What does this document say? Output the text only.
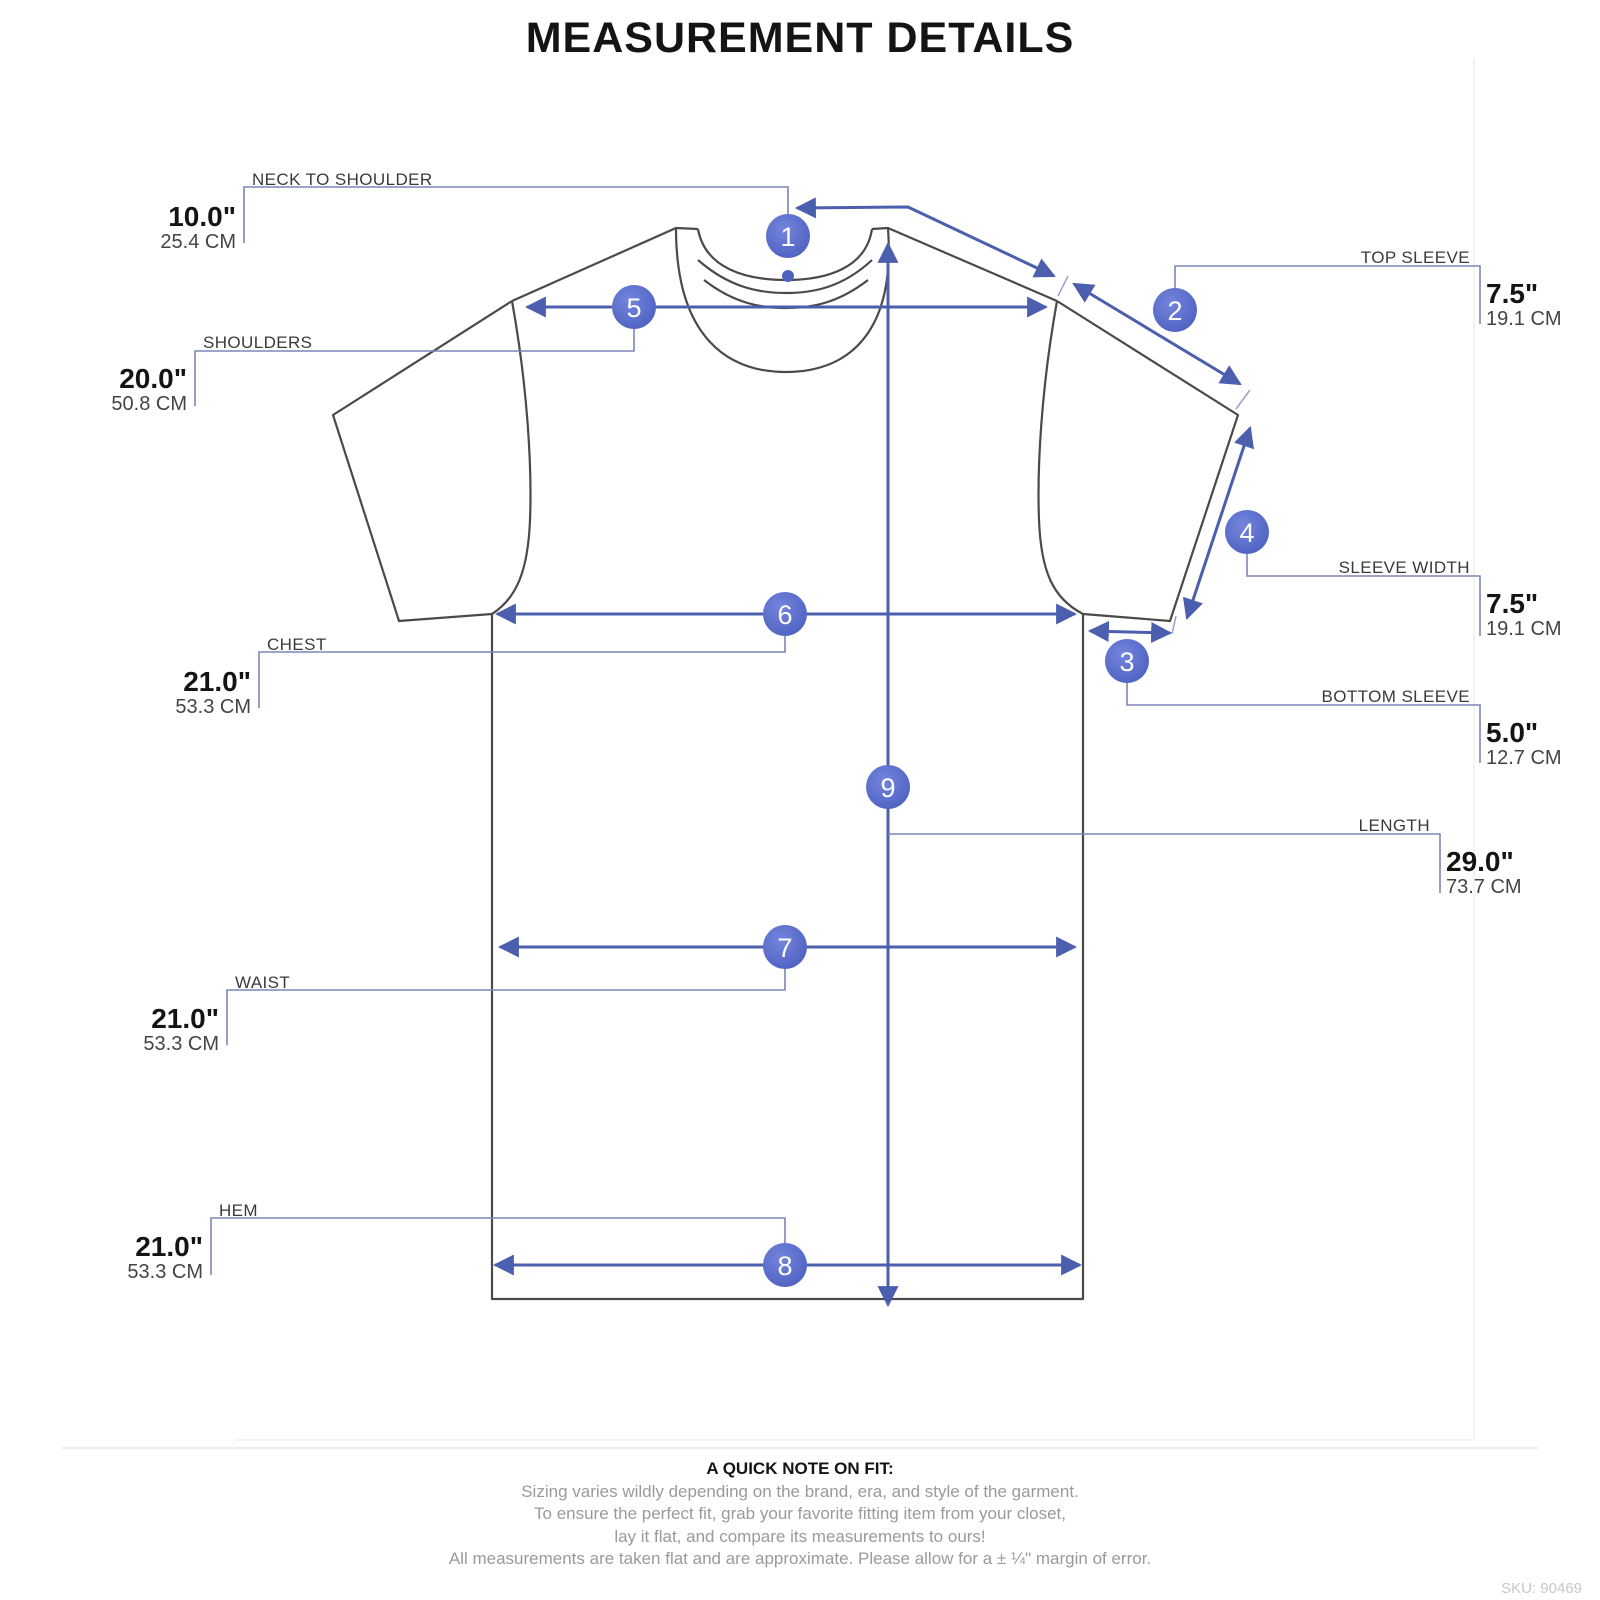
MEASUREMENT DETAILS
1
2
3
4
5
6
7
8
9
NECK TO SHOULDER
10.0"
25.4 CM
SHOULDERS
20.0"
50.8 CM
CHEST
21.0"
53.3 CM
WAIST
21.0"
53.3 CM
HEM
21.0"
53.3 CM
TOP SLEEVE
7.5"
19.1 CM
SLEEVE WIDTH
7.5"
19.1 CM
BOTTOM SLEEVE
5.0"
12.7 CM
LENGTH
29.0"
73.7 CM
A QUICK NOTE ON FIT:
Sizing varies wildly depending on the brand, era, and style of the garment.
To ensure the perfect fit, grab your favorite fitting item from your closet,
lay it flat, and compare its measurements to ours!
All measurements are taken flat and are approximate. Please allow for a ± ¼" margin of error.
SKU: 90469
